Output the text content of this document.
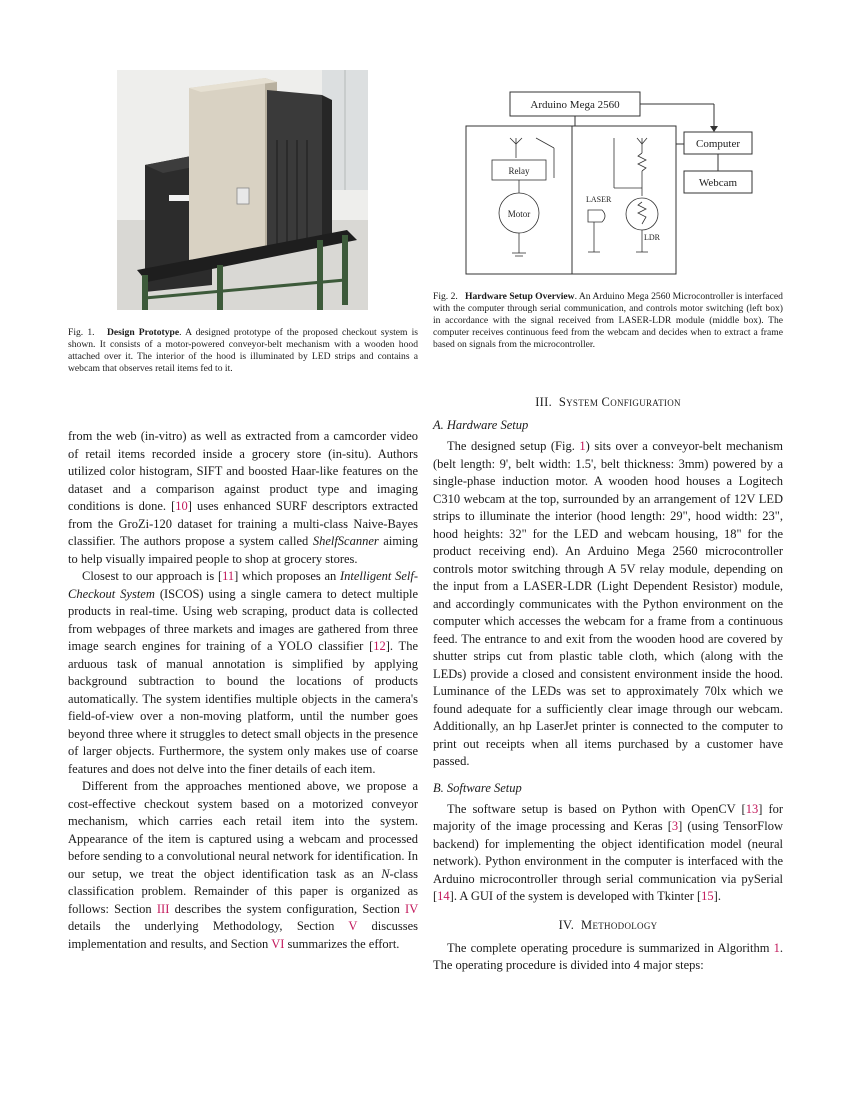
Fig. 1. Design Prototype. A designed prototype of the proposed checkout system is shown. It consists of a motor-powered conveyor-belt mechanism with a wooden hood attached over it. The interior of the hood is illuminated by LED strips and contains a webcam that observes retail items fed to it.

Arduino Mega 2560
Computer
Webcam
Relay
Motor
LASER
LDR

Fig. 2. Hardware Setup Overview. An Arduino Mega 2560 Microcontroller is interfaced with the computer through serial communication, and controls motor switching (left box) in accordance with the signal received from LASER-LDR module (middle box). The computer receives continuous feed from the webcam and decides when to extract a frame based on signals from the microcontroller.

from the web (in-vitro) as well as extracted from a camcorder video of retail items recorded inside a grocery store (in-situ). Authors utilized color histogram, SIFT and boosted Haar-like features on the dataset and a comparison against product type and imaging conditions is done. [10] uses enhanced SURF descriptors extracted from the GroZi-120 dataset for training a multi-class Naive-Bayes classifier. The authors propose a system called ShelfScanner aiming to help visually impaired people to shop at grocery stores.

Closest to our approach is [11] which proposes an Intelligent Self-Checkout System (ISCOS) using a single camera to detect multiple products in real-time. Using web scraping, product data is collected from webpages of three markets and images are gathered from three image search engines for training of a YOLO classifier [12]. The arduous task of manual annotation is simplified by applying background subtraction to bound the locations of products automatically. The system identifies multiple objects in the camera's field-of-view over a non-moving platform, until the number goes beyond three where it struggles to detect small objects in the presence of larger objects. Furthermore, the system only makes use of coarse features and does not delve into the finer details of each item.

Different from the approaches mentioned above, we propose a cost-effective checkout system based on a motorized conveyor mechanism, which carries each retail item into the system. Appearance of the item is captured using a webcam and processed before sending to a convolutional neural network for identification. In our setup, we treat the object identification task as an N-class classification problem. Remainder of this paper is organized as follows: Section III describes the system configuration, Section IV details the underlying Methodology, Section V discusses implementation and results, and Section VI summarizes the effort.

III. System Configuration

A. Hardware Setup

The designed setup (Fig. 1) sits over a conveyor-belt mechanism (belt length: 9', belt width: 1.5', belt thickness: 3mm) powered by a single-phase induction motor. A wooden hood houses a Logitech C310 webcam at the top, surrounded by an arrangement of 12V LED strips to illuminate the interior (hood length: 29", hood width: 23", hood heights: 32" for the LED and webcam housing, 18" for the product receiving end). An Arduino Mega 2560 microcontroller controls motor switching through A 5V relay module, depending on the input from a LASER-LDR (Light Dependent Resistor) module, and accordingly communicates with the Python environment on the computer which accesses the webcam for a frame from a continuous feed. The entrance to and exit from the wooden hood are covered by shutter strips cut from plastic table cloth, which (along with the LEDs) provide a closed and consistent environment inside the hood. Luminance of the LEDs was set to approximately 70lx which we found adequate for a sufficiently clear image through our webcam. Additionally, an hp LaserJet printer is connected to the computer to print out receipts when all items purchased by a customer have passed.

B. Software Setup

The software setup is based on Python with OpenCV [13] for majority of the image processing and Keras [3] (using TensorFlow backend) for implementing the object identification model (neural network). Python environment in the computer is interfaced with the Arduino microcontroller through serial communication via pySerial [14]. A GUI of the system is developed with Tkinter [15].

IV. Methodology

The complete operating procedure is summarized in Algorithm 1. The operating procedure is divided into 4 major steps:
